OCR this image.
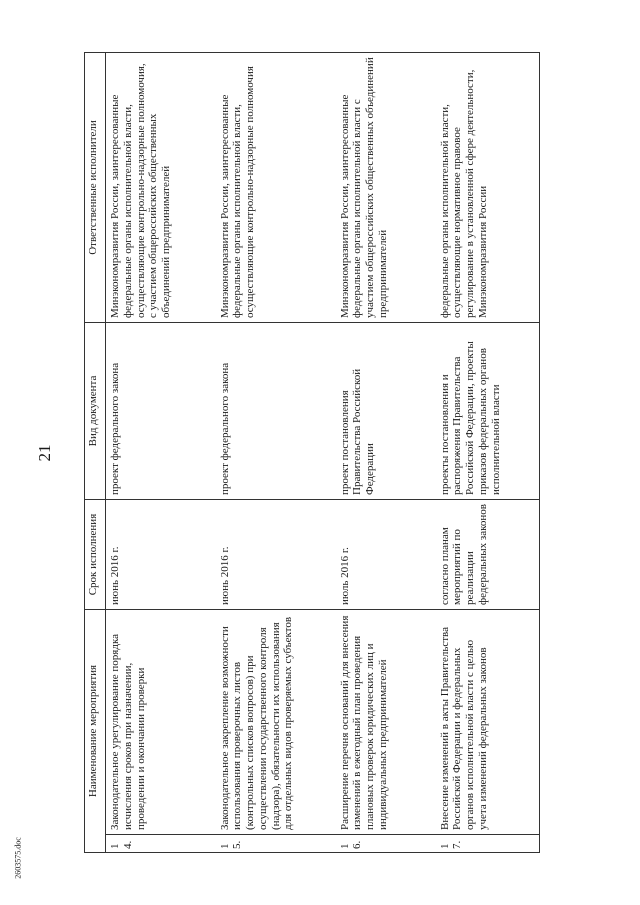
21
2603575.doc
Наименование мероприятия		Срок исполнения	Вид документа	Ответственные исполнители
14.	Законодательное урегулирование порядка исчисления сроков при назначении, проведении и окончании проверки	июнь 2016 г.	проект федерального закона	Минэкономразвития России, заинтересованные федеральные органы исполнительной власти, осуществляющие контрольно-надзорные полномочия, с участием общероссийских общественных объединений предпринимателей
15.	Законодательное закрепление возможности использования проверочных листов (контрольных списков вопросов) при осуществлении государственного контроля (надзора), обязательности их использования для отдельных видов проверяемых субъектов	июнь 2016 г.	проект федерального закона	Минэкономразвития России, заинтересованные федеральные органы исполнительной власти, осуществляющие контрольно-надзорные полномочия
16.	Расширение перечня оснований для внесения изменений в ежегодный план проведения плановых проверок юридических лиц и индивидуальных предпринимателей	июль 2016 г.	проект постановления Правительства Российской Федерации	Минэкономразвития России, заинтересованные федеральные органы исполнительной власти с участием общероссийских общественных объединений предпринимателей
17.	Внесение изменений в акты Правительства Российской Федерации и федеральных органов исполнительной власти с целью учета изменений федеральных законов	согласно планам мероприятий по реализации федеральных законов	проекты постановления и распоряжения Правительства Российской Федерации, проекты приказов федеральных органов исполнительной власти	федеральные органы исполнительной власти, осуществляющие нормативное правовое регулирование в установленной сфере деятельности, Минэкономразвития России
